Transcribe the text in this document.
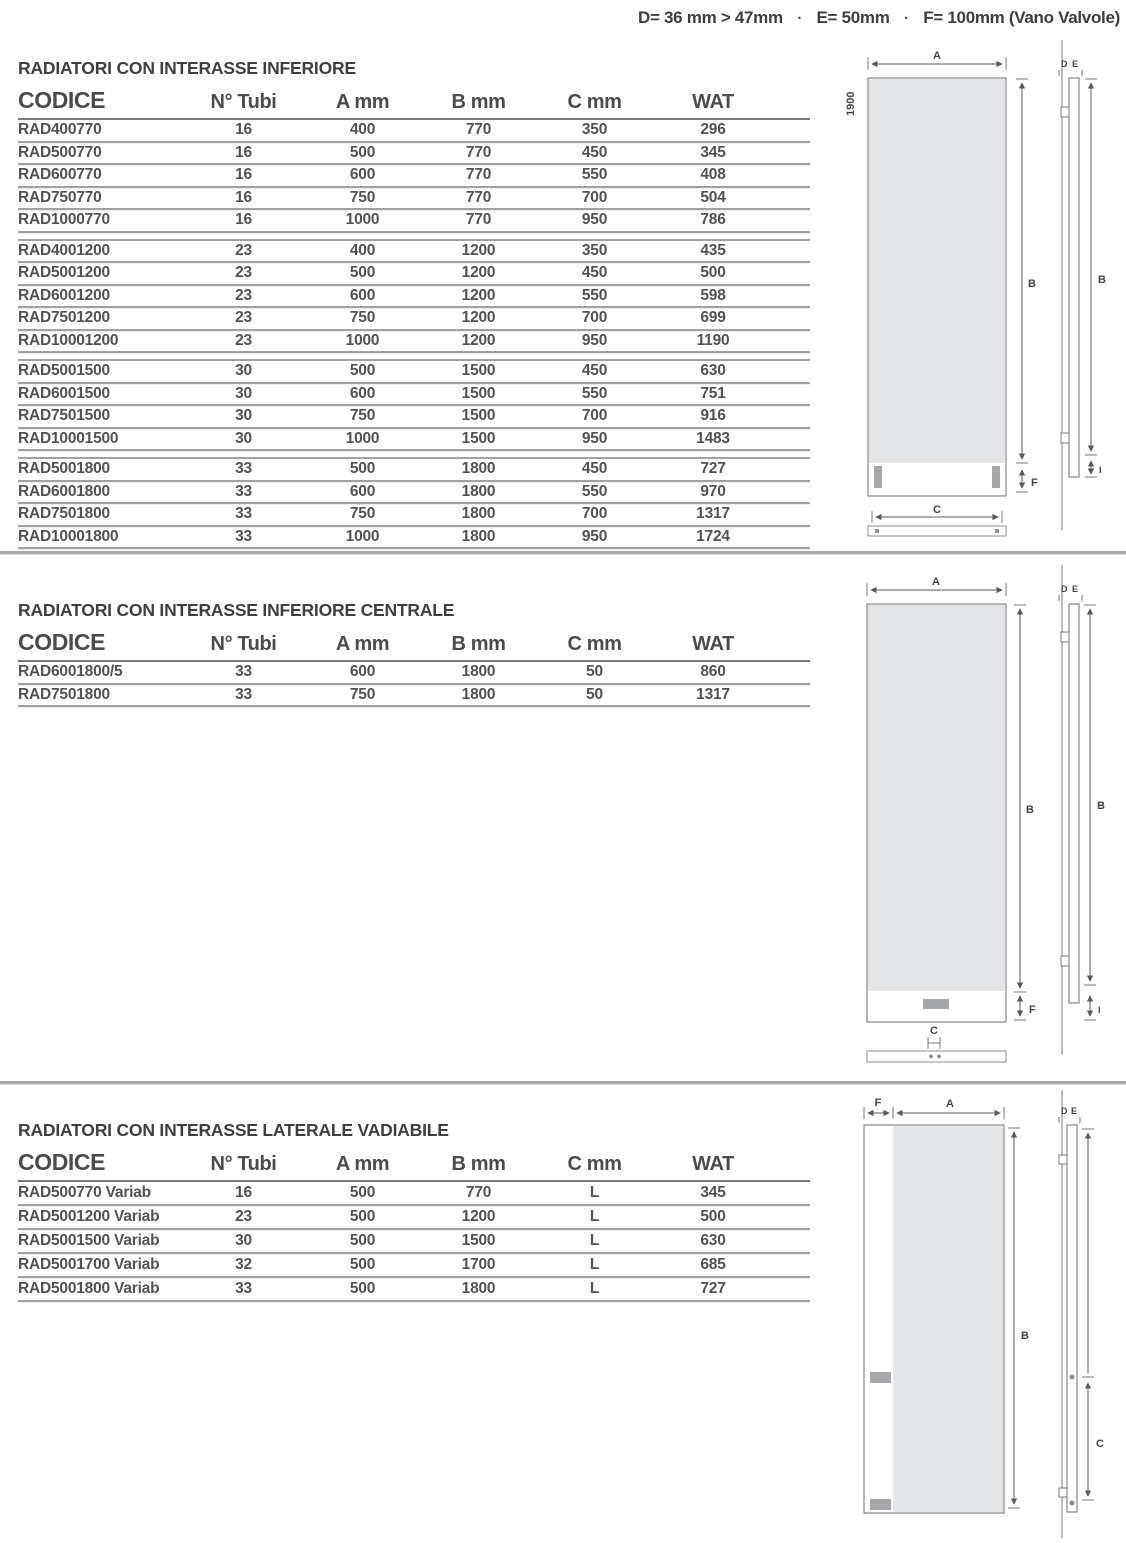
D= 36 mm > 47mm · E= 50mm · F= 100mm (Vano Valvole)
RADIATORI CON INTERASSE INFERIORE
CODICE	N° Tubi	A mm	B mm	C mm	WAT
RAD400770	16	400	770	350	296
RAD500770	16	500	770	450	345
RAD600770	16	600	770	550	408
RAD750770	16	750	770	700	504
RAD1000770	16	1000	770	950	786
RAD4001200	23	400	1200	350	435
RAD5001200	23	500	1200	450	500
RAD6001200	23	600	1200	550	598
RAD7501200	23	750	1200	700	699
RAD10001200	23	1000	1200	950	1190
RAD5001500	30	500	1500	450	630
RAD6001500	30	600	1500	550	751
RAD7501500	30	750	1500	700	916
RAD10001500	30	1000	1500	950	1483
RAD5001800	33	500	1800	450	727
RAD6001800	33	600	1800	550	970
RAD7501800	33	750	1800	700	1317
RAD10001800	33	1000	1800	950	1724
RADIATORI CON INTERASSE INFERIORE CENTRALE
CODICE	N° Tubi	A mm	B mm	C mm	WAT
RAD6001800/5	33	600	1800	50	860
RAD7501800	33	750	1800	50	1317
RADIATORI CON INTERASSE LATERALE VADIABILE
CODICE	N° Tubi	A mm	B mm	C mm	WAT
RAD500770 Variab	16	500	770	L	345
RAD5001200 Variab	23	500	1200	L	500
RAD5001500 Variab	30	500	1500	L	630
RAD5001700 Variab	32	500	1700	L	685
RAD5001800 Variab	33	500	1800	L	727
1900
A
B
F
C
D E
B
I
A
B
F
C
D E
B
I
F	A
B
D E
C
